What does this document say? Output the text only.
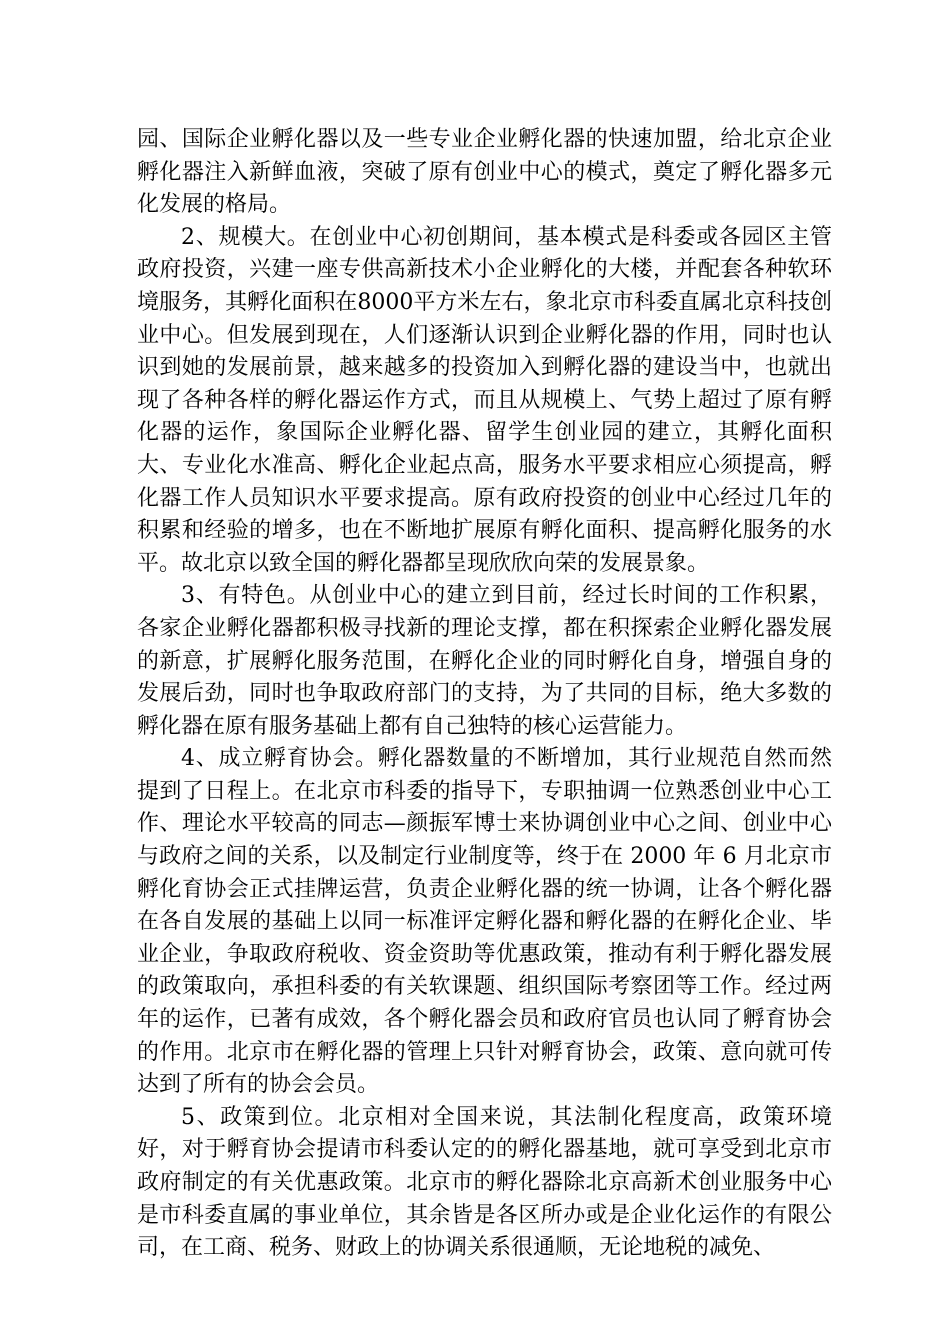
园、国际企业孵化器以及一些专业企业孵化器的快速加盟，给北京企业孵化器注入新鲜血液，突破了原有创业中心的模式，奠定了孵化器多元化发展的格局。

2、规模大。在创业中心初创期间，基本模式是科委或各园区主管政府投资，兴建一座专供高新技术小企业孵化的大楼，并配套各种软环境服务，其孵化面积在8000平方米左右，象北京市科委直属北京科技创业中心。但发展到现在，人们逐渐认识到企业孵化器的作用，同时也认识到她的发展前景，越来越多的投资加入到孵化器的建设当中，也就出现了各种各样的孵化器运作方式，而且从规模上、气势上超过了原有孵化器的运作，象国际企业孵化器、留学生创业园的建立，其孵化面积大、专业化水准高、孵化企业起点高，服务水平要求相应心须提高，孵化器工作人员知识水平要求提高。原有政府投资的创业中心经过几年的积累和经验的增多，也在不断地扩展原有孵化面积、提高孵化服务的水平。故北京以致全国的孵化器都呈现欣欣向荣的发展景象。

3、有特色。从创业中心的建立到目前，经过长时间的工作积累，各家企业孵化器都积极寻找新的理论支撑，都在积探索企业孵化器发展的新意，扩展孵化服务范围，在孵化企业的同时孵化自身，增强自身的发展后劲，同时也争取政府部门的支持，为了共同的目标，绝大多数的孵化器在原有服务基础上都有自己独特的核心运营能力。

4、成立孵育协会。孵化器数量的不断增加，其行业规范自然而然提到了日程上。在北京市科委的指导下，专职抽调一位熟悉创业中心工作、理论水平较高的同志—颜振军博士来协调创业中心之间、创业中心与政府之间的关系，以及制定行业制度等，终于在 2000 年 6 月北京市孵化育协会正式挂牌运营，负责企业孵化器的统一协调，让各个孵化器在各自发展的基础上以同一标准评定孵化器和孵化器的在孵化企业、毕业企业，争取政府税收、资金资助等优惠政策，推动有利于孵化器发展的政策取向，承担科委的有关软课题、组织国际考察团等工作。经过两年的运作，已著有成效，各个孵化器会员和政府官员也认同了孵育协会的作用。北京市在孵化器的管理上只针对孵育协会，政策、意向就可传达到了所有的协会会员。

5、政策到位。北京相对全国来说，其法制化程度高，政策环境好，对于孵育协会提请市科委认定的的孵化器基地，就可享受到北京市政府制定的有关优惠政策。北京市的孵化器除北京高新术创业服务中心是市科委直属的事业单位，其余皆是各区所办或是企业化运作的有限公司，在工商、税务、财政上的协调关系很通顺，无论地税的减免、
